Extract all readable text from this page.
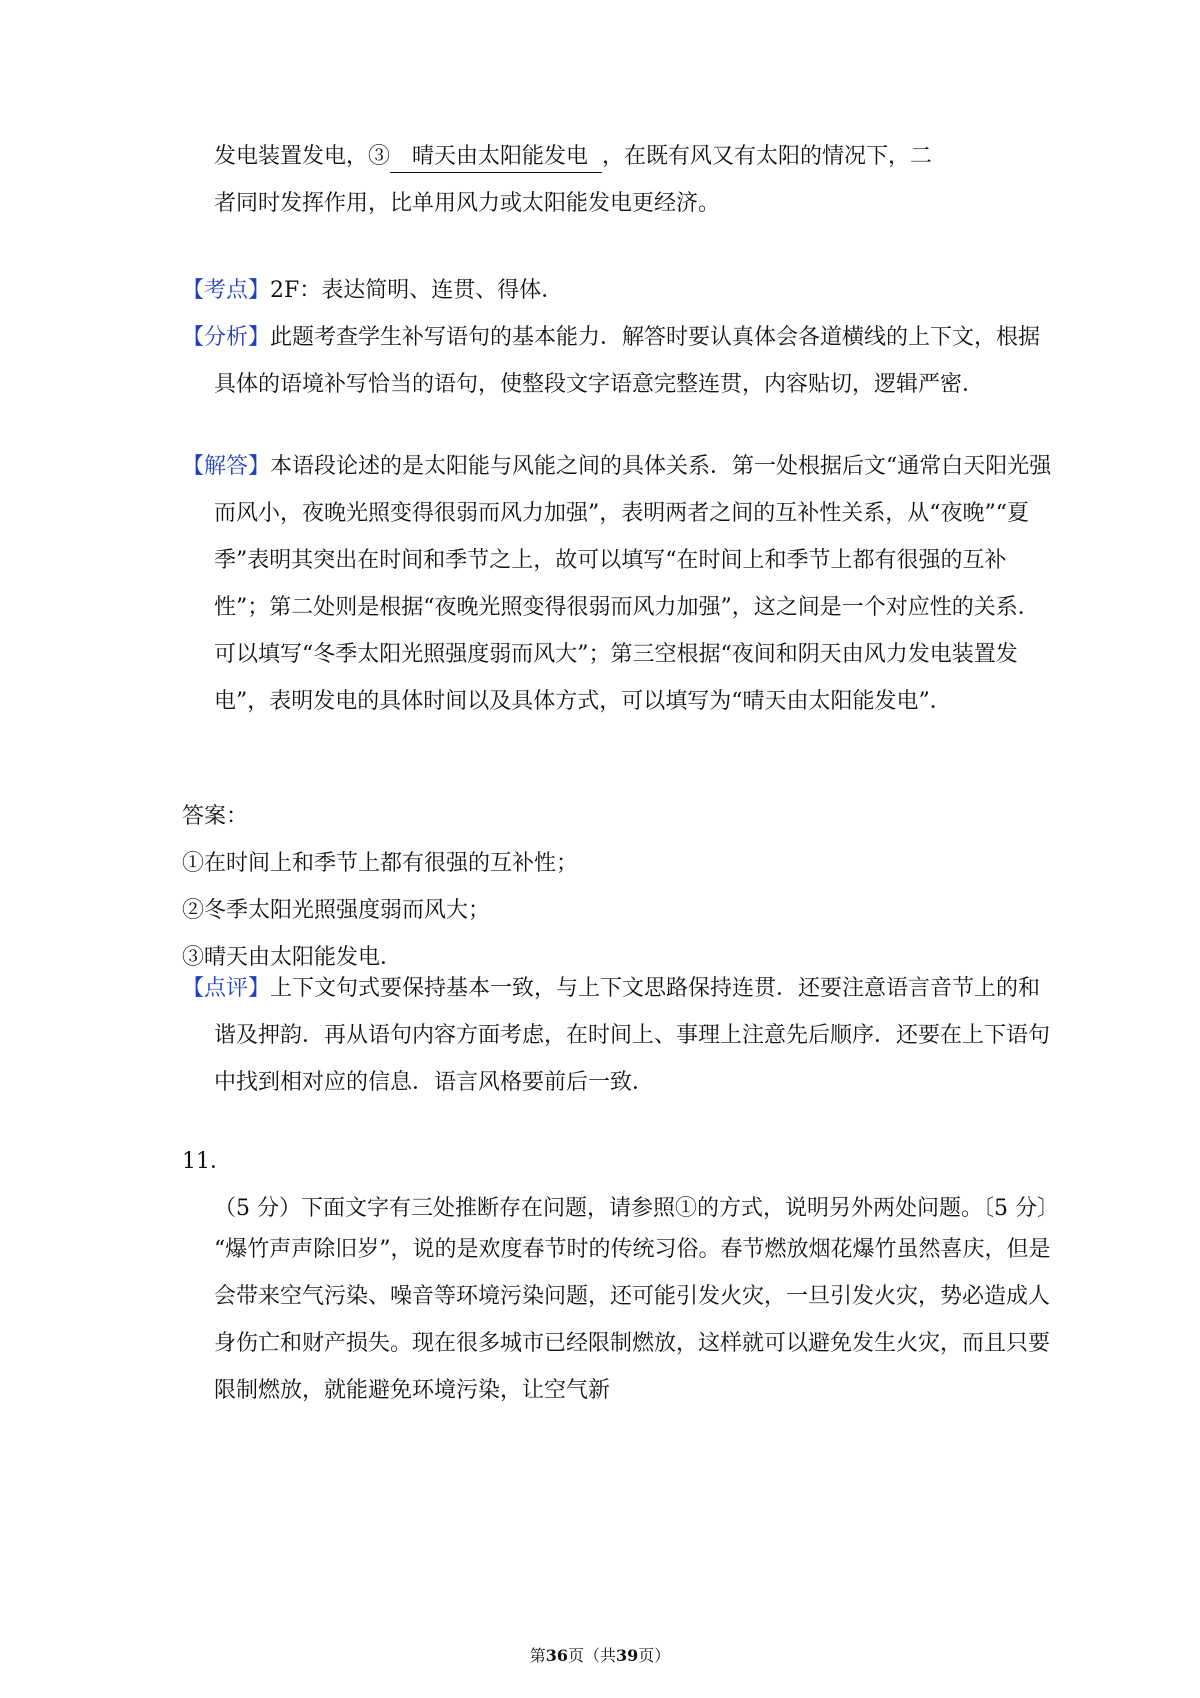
发电装置发电，③ 晴天由太阳能发电 ，在既有风又有太阳的情况下，二
者同时发挥作用，比单用风力或太阳能发电更经济。
【考点】2F：表达简明、连贯、得体．
【分析】此题考查学生补写语句的基本能力．解答时要认真体会各道横线的上下文，根据具体的语境补写恰当的语句，使整段文字语意完整连贯，内容贴切，逻辑严密．
【解答】本语段论述的是太阳能与风能之间的具体关系．第一处根据后文“通常白天阳光强而风小，夜晚光照变得很弱而风力加强”，表明两者之间的互补性关系，从“夜晚”“夏季”表明其突出在时间和季节之上，故可以填写“在时间上和季节上都有很强的互补性”；第二处则是根据“夜晚光照变得很弱而风力加强”，这之间是一个对应性的关系．可以填写“冬季太阳光照强度弱而风大”；第三空根据“夜间和阴天由风力发电装置发电”，表明发电的具体时间以及具体方式，可以填写为“晴天由太阳能发电”．
答案：
①在时间上和季节上都有很强的互补性；
②冬季太阳光照强度弱而风大；
③晴天由太阳能发电．
【点评】上下文句式要保持基本一致，与上下文思路保持连贯．还要注意语言音节上的和谐及押韵．再从语句内容方面考虑，在时间上、事理上注意先后顺序．还要在上下语句中找到相对应的信息．语言风格要前后一致．
11．（5 分）下面文字有三处推断存在问题，请参照①的方式，说明另外两处问题。〔5 分〕
“爆竹声声除旧岁”，说的是欢度春节时的传统习俗。春节燃放烟花爆竹虽然喜庆，但是会带来空气污染、噪音等环境污染问题，还可能引发火灾，一旦引发火灾，势必造成人身伤亡和财产损失。现在很多城市已经限制燃放，这样就可以避免发生火灾，而且只要限制燃放，就能避免环境污染，让空气新
第36页（共39页）
